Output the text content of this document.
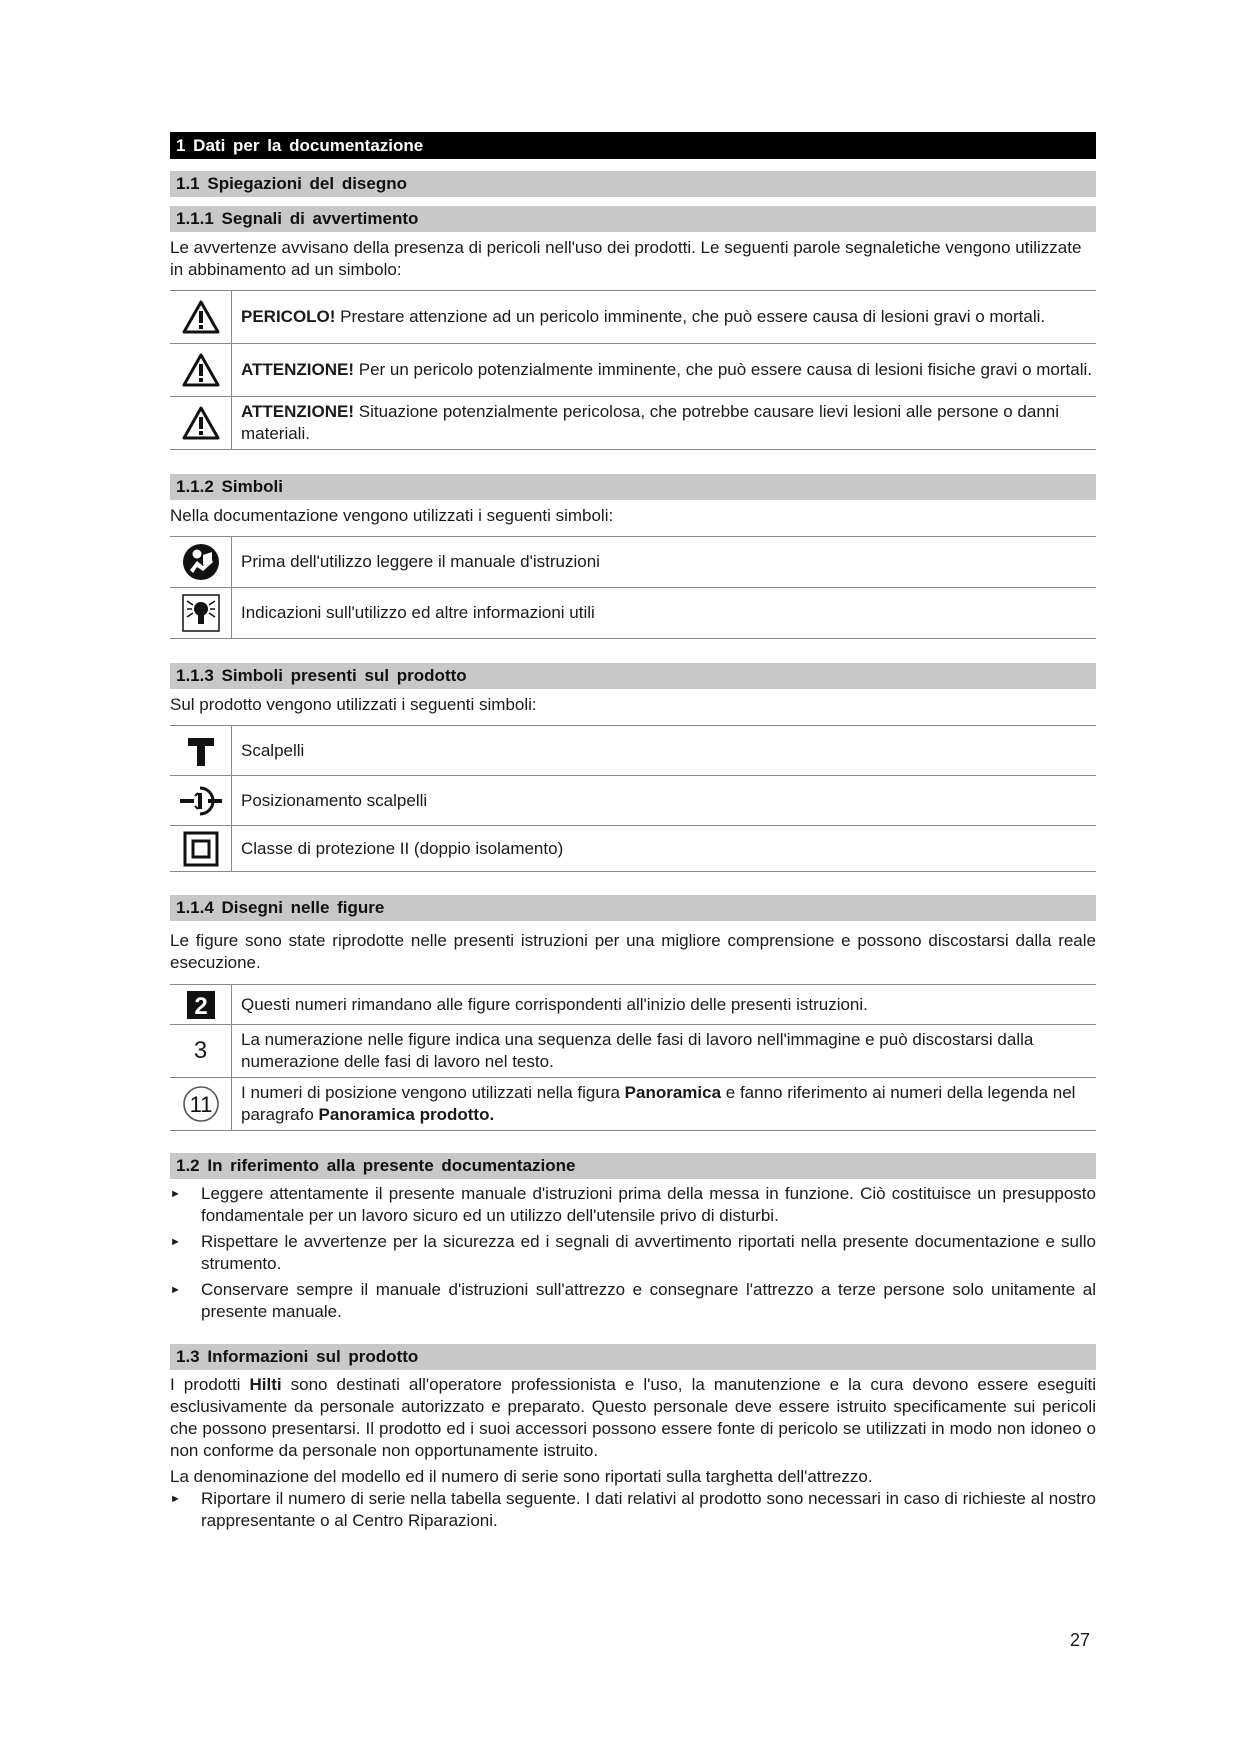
1 Dati per la documentazione
1.1 Spiegazioni del disegno
1.1.1 Segnali di avvertimento

Le avvertenze avvisano della presenza di pericoli nell'uso dei prodotti. Le seguenti parole segnaletiche vengono utilizzate in abbinamento ad un simbolo:

	PERICOLO! Prestare attenzione ad un pericolo imminente, che può essere causa di lesioni gravi o mortali.
	ATTENZIONE! Per un pericolo potenzialmente imminente, che può essere causa di lesioni fisiche gravi o mortali.
	ATTENZIONE! Situazione potenzialmente pericolosa, che potrebbe causare lievi lesioni alle persone o danni materiali.
1.1.2 Simboli

Nella documentazione vengono utilizzati i seguenti simboli:

	Prima dell'utilizzo leggere il manuale d'istruzioni
	Indicazioni sull'utilizzo ed altre informazioni utili
1.1.3 Simboli presenti sul prodotto

Sul prodotto vengono utilizzati i seguenti simboli:

	Scalpelli
	Posizionamento scalpelli
	Classe di protezione II (doppio isolamento)
1.1.4 Disegni nelle figure

Le figure sono state riprodotte nelle presenti istruzioni per una migliore comprensione e possono discostarsi dalla reale esecuzione.

2	Questi numeri rimandano alle figure corrispondenti all'inizio delle presenti istruzioni.
3	La numerazione nelle figure indica una sequenza delle fasi di lavoro nell'immagine e può discostarsi dalla numerazione delle fasi di lavoro nel testo.

11	I numeri di posizione vengono utilizzati nella figura Panoramica e fanno riferimento ai numeri della legenda nel paragrafo Panoramica prodotto.
1.2 In riferimento alla presente documentazione
► Leggere attentamente il presente manuale d'istruzioni prima della messa in funzione. Ciò costituisce un presupposto fondamentale per un lavoro sicuro ed un utilizzo dell'utensile privo di disturbi.
► Rispettare le avvertenze per la sicurezza ed i segnali di avvertimento riportati nella presente documentazione e sullo strumento.
► Conservare sempre il manuale d'istruzioni sull'attrezzo e consegnare l'attrezzo a terze persone solo unitamente al presente manuale.
1.3 Informazioni sul prodotto

I prodotti Hilti sono destinati all'operatore professionista e l'uso, la manutenzione e la cura devono essere eseguiti esclusivamente da personale autorizzato e preparato. Questo personale deve essere istruito specificamente sui pericoli che possono presentarsi. Il prodotto ed i suoi accessori possono essere fonte di pericolo se utilizzati in modo non idoneo o non conforme da personale non opportunamente istruito.

La denominazione del modello ed il numero di serie sono riportati sulla targhetta dell'attrezzo.

► Riportare il numero di serie nella tabella seguente. I dati relativi al prodotto sono necessari in caso di richieste al nostro rappresentante o al Centro Riparazioni.
27
